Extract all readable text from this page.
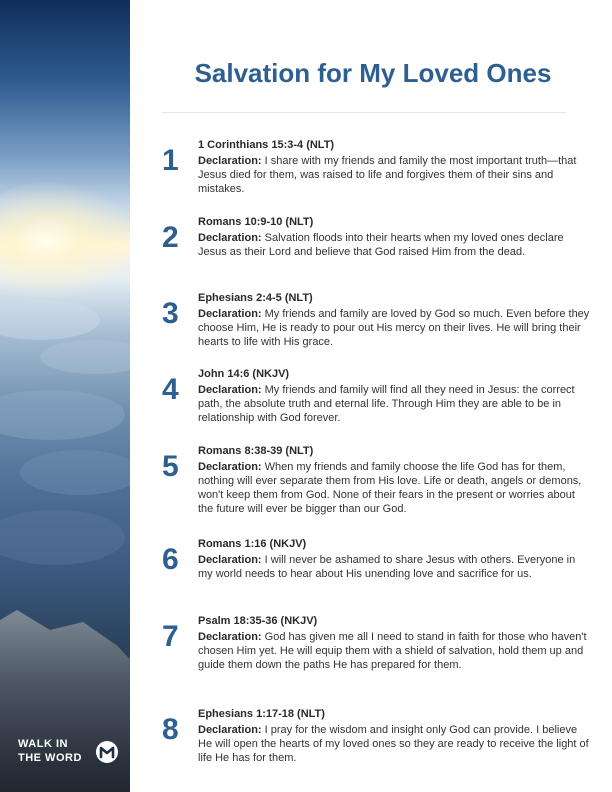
WALK IN
THE WORD
Salvation for My Loved Ones
1	1 Corinthians 15:3-4 (NLT)

Declaration: I share with my friends and family the most important truth—that Jesus died for them, was raised to life and forgives them of their sins and mistakes.

2	Romans 10:9-10 (NLT)

Declaration: Salvation floods into their hearts when my loved ones declare Jesus as their Lord and believe that God raised Him from the dead.

3	Ephesians 2:4-5 (NLT)

Declaration: My friends and family are loved by God so much. Even before they choose Him, He is ready to pour out His mercy on their lives. He will bring their hearts to life with His grace.

4	John 14:6 (NKJV)

Declaration: My friends and family will find all they need in Jesus: the correct path, the absolute truth and eternal life. Through Him they are able to be in relationship with God forever.

5	Romans 8:38-39 (NLT)

Declaration: When my friends and family choose the life God has for them, nothing will ever separate them from His love. Life or death, angels or demons, won't keep them from God. None of their fears in the present or worries about the future will ever be bigger than our God.

6	Romans 1:16 (NKJV)

Declaration: I will never be ashamed to share Jesus with others. Everyone in my world needs to hear about His unending love and sacrifice for us.

7	Psalm 18:35-36 (NKJV)

Declaration: God has given me all I need to stand in faith for those who haven't chosen Him yet. He will equip them with a shield of salvation, hold them up and guide them down the paths He has prepared for them.

8	Ephesians 1:17-18 (NLT)

Declaration: I pray for the wisdom and insight only God can provide. I believe He will open the hearts of my loved ones so they are ready to receive the light of life He has for them.
